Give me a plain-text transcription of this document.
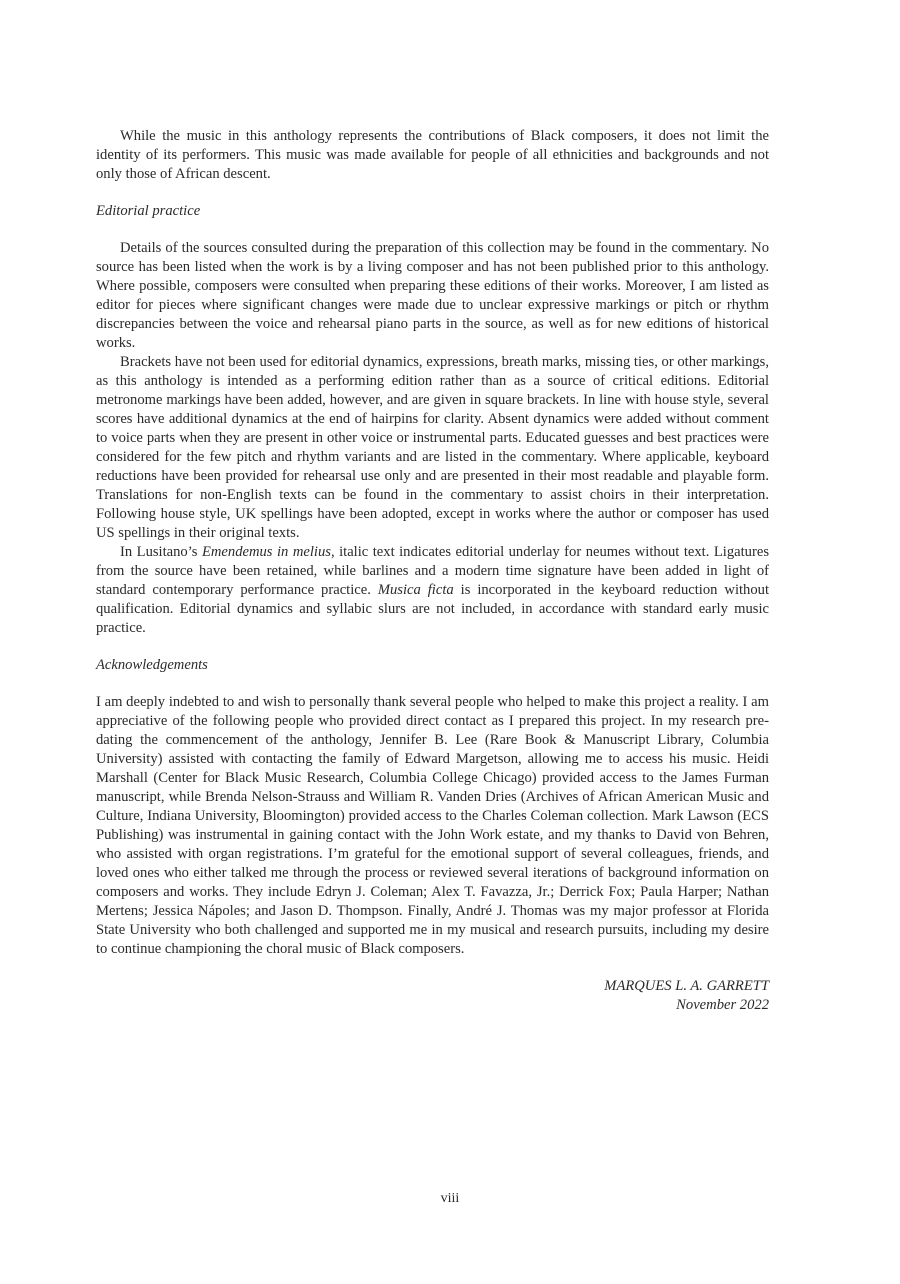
While the music in this anthology represents the contributions of Black composers, it does not limit the identity of its performers. This music was made available for people of all ethnicities and backgrounds and not only those of African descent.

Editorial practice

Details of the sources consulted during the preparation of this collection may be found in the commentary. No source has been listed when the work is by a living composer and has not been published prior to this anthology. Where possible, composers were consulted when preparing these editions of their works. Moreover, I am listed as editor for pieces where significant changes were made due to unclear expressive markings or pitch or rhythm discrepancies between the voice and rehearsal piano parts in the source, as well as for new editions of historical works.

Brackets have not been used for editorial dynamics, expressions, breath marks, missing ties, or other markings, as this anthology is intended as a performing edition rather than as a source of critical editions. Editorial metronome markings have been added, however, and are given in square brackets. In line with house style, several scores have additional dynamics at the end of hairpins for clarity. Absent dynamics were added without comment to voice parts when they are present in other voice or instrumental parts. Educated guesses and best practices were considered for the few pitch and rhythm variants and are listed in the commentary. Where applicable, keyboard reductions have been provided for rehearsal use only and are presented in their most readable and playable form. Translations for non-English texts can be found in the commentary to assist choirs in their interpretation. Following house style, UK spellings have been adopted, except in works where the author or composer has used US spellings in their original texts.

In Lusitano’s Emendemus in melius, italic text indicates editorial underlay for neumes without text. Ligatures from the source have been retained, while barlines and a modern time signature have been added in light of standard contemporary performance practice. Musica ficta is incorporated in the keyboard reduction without qualification. Editorial dynamics and syllabic slurs are not included, in accordance with standard early music practice.

Acknowledgements

I am deeply indebted to and wish to personally thank several people who helped to make this project a reality. I am appreciative of the following people who provided direct contact as I prepared this project. In my research pre-dating the commencement of the anthology, Jennifer B. Lee (Rare Book & Manuscript Library, Columbia University) assisted with contacting the family of Edward Margetson, allowing me to access his music. Heidi Marshall (Center for Black Music Research, Columbia College Chicago) provided access to the James Furman manuscript, while Brenda Nelson-Strauss and William R. Vanden Dries (Archives of African American Music and Culture, Indiana University, Bloomington) provided access to the Charles Coleman collection. Mark Lawson (ECS Publishing) was instrumental in gaining contact with the John Work estate, and my thanks to David von Behren, who assisted with organ registrations. I’m grateful for the emotional support of several colleagues, friends, and loved ones who either talked me through the process or reviewed several iterations of background information on composers and works. They include Edryn J. Coleman; Alex T. Favazza, Jr.; Derrick Fox; Paula Harper; Nathan Mertens; Jessica Nápoles; and Jason D. Thompson. Finally, André J. Thomas was my major professor at Florida State University who both challenged and supported me in my musical and research pursuits, including my desire to continue championing the choral music of Black composers.

MARQUES L. A. GARRETT
November 2022
viii
